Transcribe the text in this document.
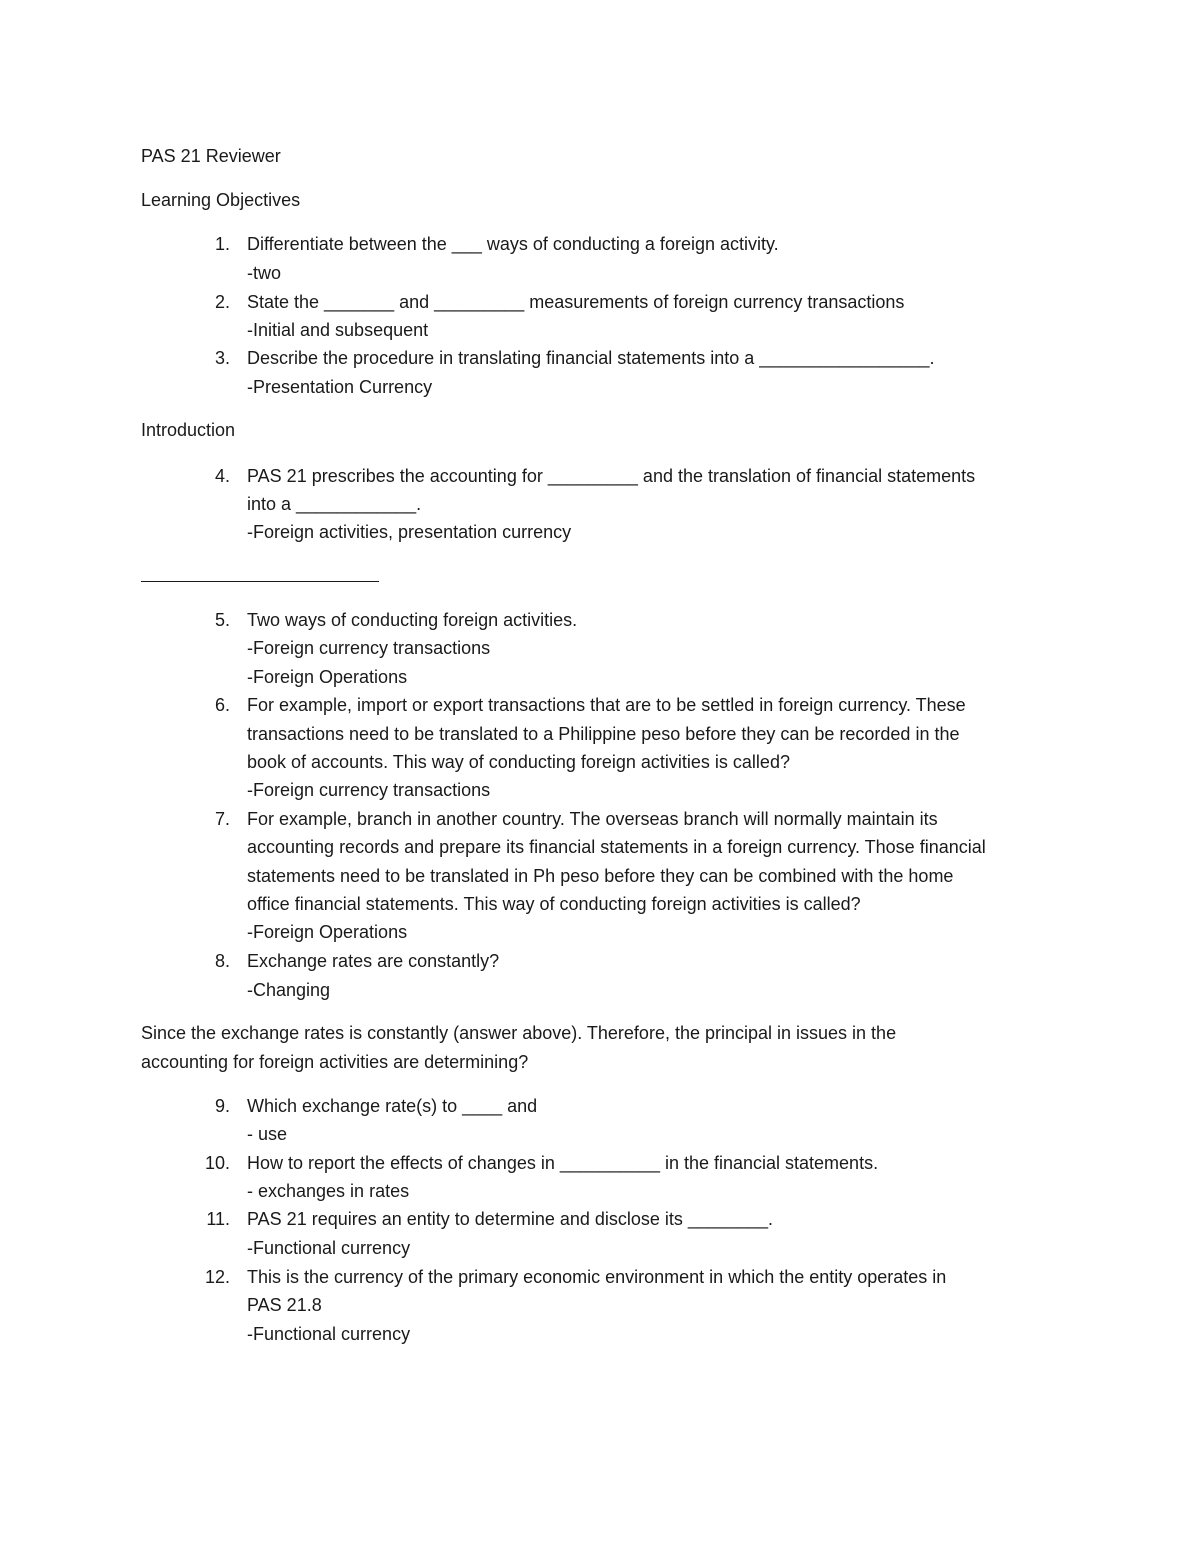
PAS 21 Reviewer

Learning Objectives

1. Differentiate between the ___ ways of conducting a foreign activity.

-two

2. State the _______ and _________ measurements of foreign currency transactions

-Initial and subsequent

3. Describe the procedure in translating financial statements into a _________________.

-Presentation Currency

Introduction

4. PAS 21 prescribes the accounting for _________ and the translation of financial statements

into a ____________.

-Foreign activities, presentation currency

5. Two ways of conducting foreign activities.

-Foreign currency transactions

-Foreign Operations

6. For example, import or export transactions that are to be settled in foreign currency. These

transactions need to be translated to a Philippine peso before they can be recorded in the

book of accounts. This way of conducting foreign activities is called?

-Foreign currency transactions

7. For example, branch in another country. The overseas branch will normally maintain its

accounting records and prepare its financial statements in a foreign currency. Those financial

statements need to be translated in Ph peso before they can be combined with the home

office financial statements. This way of conducting foreign activities is called?

-Foreign Operations

8. Exchange rates are constantly?

-Changing

Since the exchange rates is constantly (answer above). Therefore, the principal in issues in the

accounting for foreign activities are determining?

9. Which exchange rate(s) to ____ and

- use

10. How to report the effects of changes in __________ in the financial statements.

- exchanges in rates

11. PAS 21 requires an entity to determine and disclose its ________.

-Functional currency

12. This is the currency of the primary economic environment in which the entity operates in

PAS 21.8

-Functional currency
